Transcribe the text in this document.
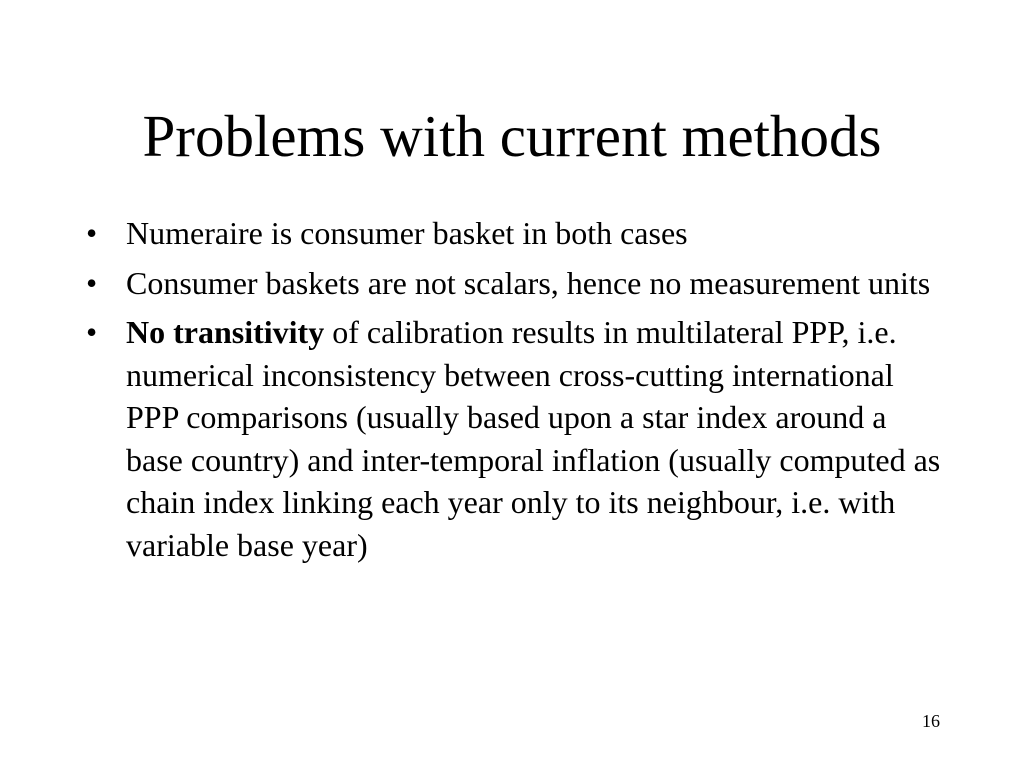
Problems with current methods
• Numeraire is consumer basket in both cases
• Consumer baskets are not scalars, hence no measurement units
• No transitivity of calibration results in multilateral PPP, i.e. numerical inconsistency between cross-cutting international PPP comparisons (usually based upon a star index around a base country) and inter-temporal inflation (usually computed as chain index linking each year only to its neighbour, i.e. with variable base year)
16
